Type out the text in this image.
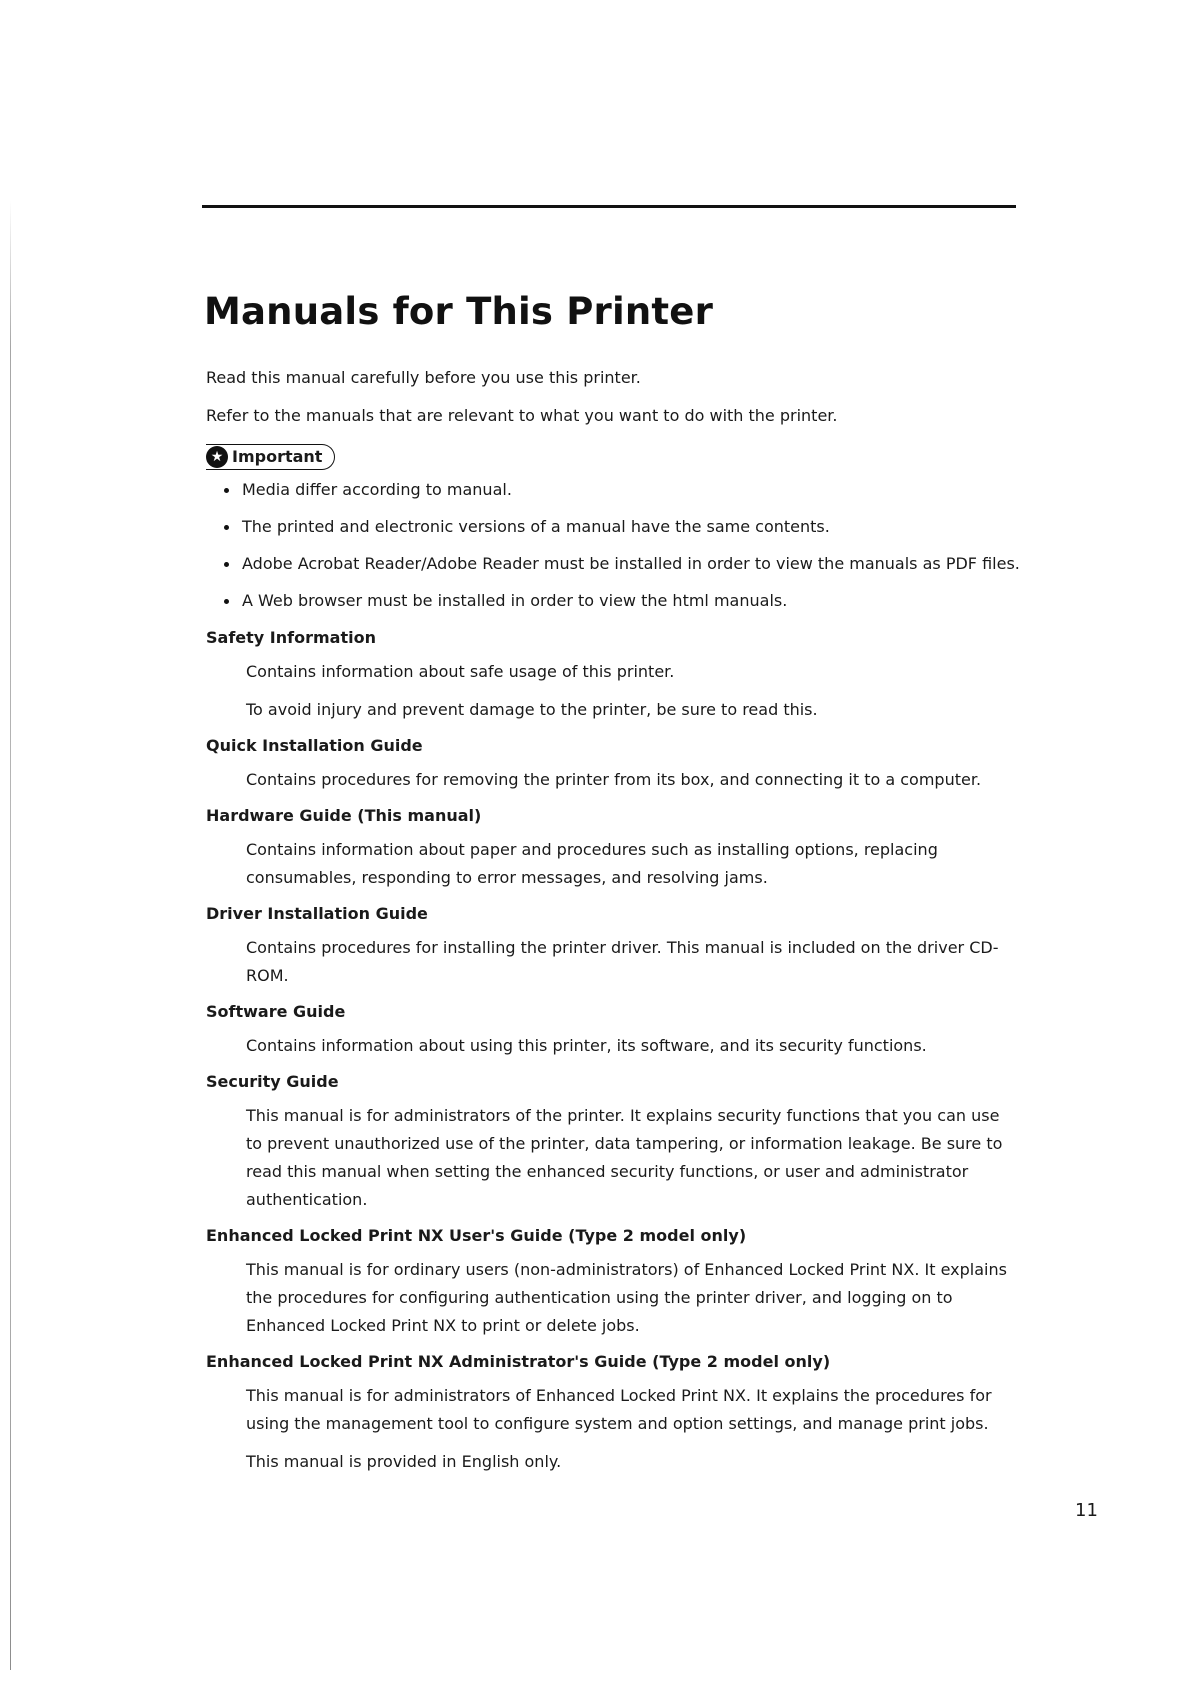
Manuals for This Printer

Read this manual carefully before you use this printer.

Refer to the manuals that are relevant to what you want to do with the printer.

★ Important
Media differ according to manual.
The printed and electronic versions of a manual have the same contents.
Adobe Acrobat Reader/Adobe Reader must be installed in order to view the manuals as PDF files.
A Web browser must be installed in order to view the html manuals.

Safety Information

Contains information about safe usage of this printer.

To avoid injury and prevent damage to the printer, be sure to read this.

Quick Installation Guide

Contains procedures for removing the printer from its box, and connecting it to a computer.

Hardware Guide (This manual)

Contains information about paper and procedures such as installing options, replacing consumables, responding to error messages, and resolving jams.

Driver Installation Guide

Contains procedures for installing the printer driver. This manual is included on the driver CD-ROM.

Software Guide

Contains information about using this printer, its software, and its security functions.

Security Guide

This manual is for administrators of the printer. It explains security functions that you can use to prevent unauthorized use of the printer, data tampering, or information leakage. Be sure to read this manual when setting the enhanced security functions, or user and administrator authentication.

Enhanced Locked Print NX User's Guide (Type 2 model only)

This manual is for ordinary users (non-administrators) of Enhanced Locked Print NX. It explains the procedures for configuring authentication using the printer driver, and logging on to Enhanced Locked Print NX to print or delete jobs.

Enhanced Locked Print NX Administrator's Guide (Type 2 model only)

This manual is for administrators of Enhanced Locked Print NX. It explains the procedures for using the management tool to configure system and option settings, and manage print jobs.

This manual is provided in English only.

11
